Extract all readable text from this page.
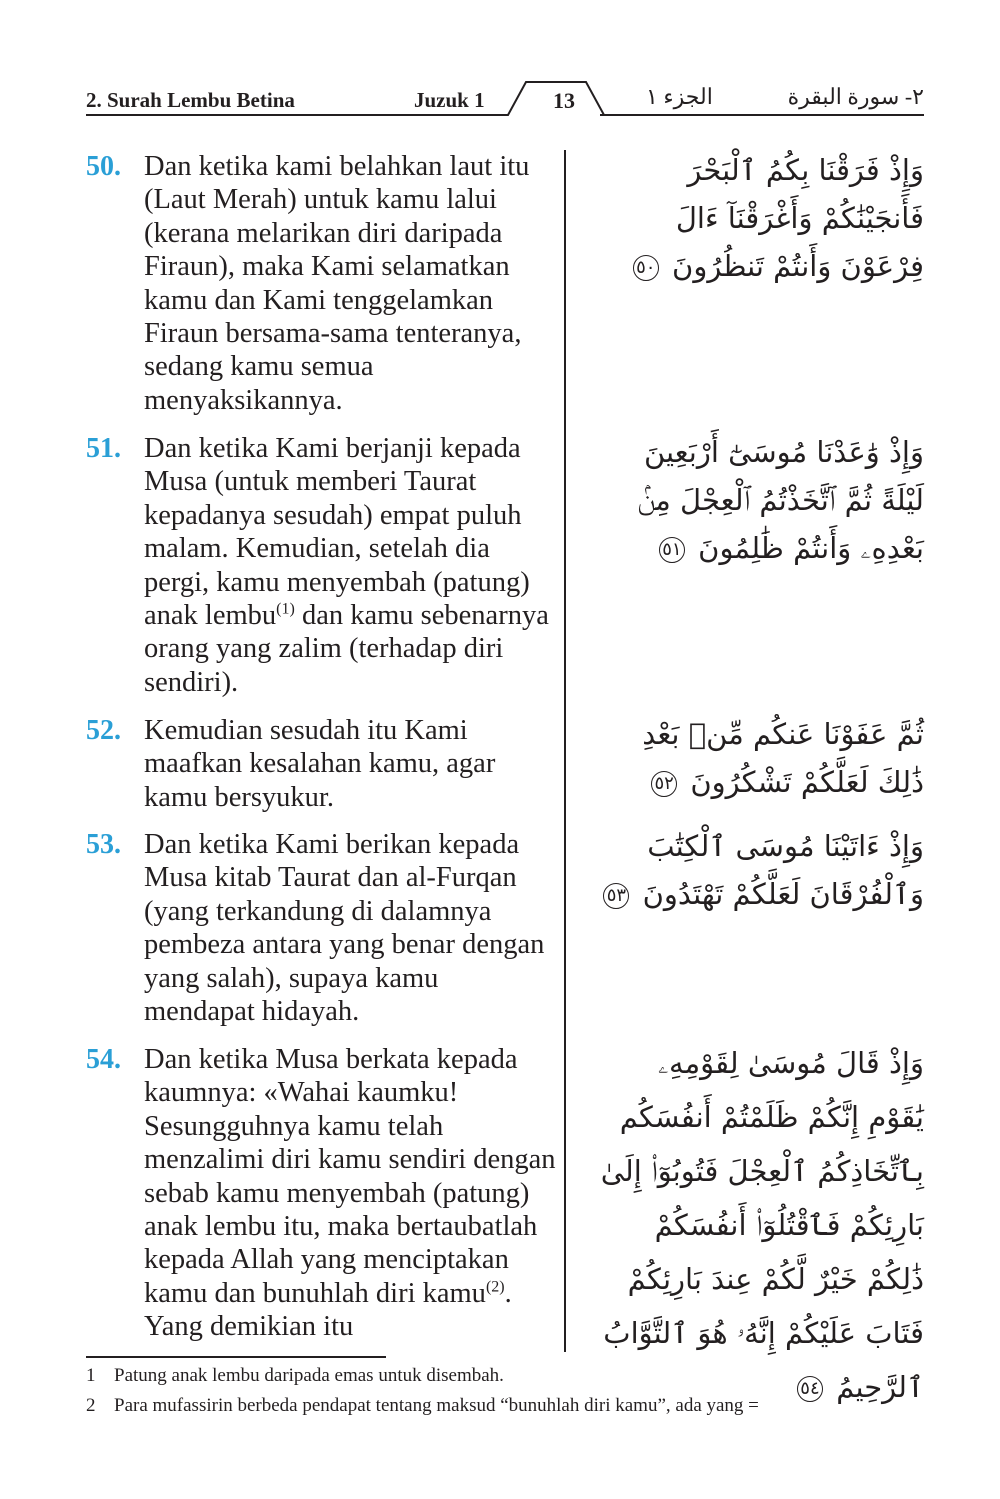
2. Surah Lembu Betina	Juzuk 1	13	الجزء ١	٢- سورة البقرة
50. Dan ketika kami belahkan laut itu (Laut Merah) untuk kamu lalui (kerana melarikan diri daripada Firaun), maka Kami selamatkan kamu dan Kami tenggelamkan Firaun bersama-sama tenteranya, sedang kamu semua menyaksikannya.
51. Dan ketika Kami berjanji kepada Musa (untuk memberi Taurat kepadanya sesudah) empat puluh malam. Kemudian, setelah dia pergi, kamu menyembah (patung) anak lembu$^{(1)}$ dan kamu sebenarnya orang yang zalim (terhadap diri sendiri).
52. Kemudian sesudah itu Kami maafkan kesalahan kamu, agar kamu bersyukur.
53. Dan ketika Kami berikan kepada Musa kitab Taurat dan al-Furqan (yang terkandung di dalamnya pembeza antara yang benar dengan yang salah), supaya kamu mendapat hidayah.
54. Dan ketika Musa berkata kepada kaumnya: «Wahai kaumku! Sesungguhnya kamu telah menzalimi diri kamu sendiri dengan sebab kamu menyembah (patung) anak lembu itu, maka bertaubatlah kepada Allah yang menciptakan kamu dan bunuhlah diri kamu$^{(2)}$. Yang demikian itu
وَإِذْ فَرَقْنَا بِكُمُ ٱلْبَحْرَ فَأَنجَيْنَٰكُمْ وَأَغْرَقْنَآ ءَالَ فِرْعَوْنَ وَأَنتُمْ تَنظُرُونَ ٥٠
وَإِذْ وَٰعَدْنَا مُوسَىٰٓ أَرْبَعِينَ لَيْلَةً ثُمَّ ٱتَّخَذْتُمُ ٱلْعِجْلَ مِنۢ بَعْدِهِۦ وَأَنتُمْ ظَٰلِمُونَ ٥١
ثُمَّ عَفَوْنَا عَنكُم مِّنۢ بَعْدِ ذَٰلِكَ لَعَلَّكُمْ تَشْكُرُونَ ٥٢
وَإِذْ ءَاتَيْنَا مُوسَى ٱلْكِتَٰبَ وَٱلْفُرْقَانَ لَعَلَّكُمْ تَهْتَدُونَ ٥٣
وَإِذْ قَالَ مُوسَىٰ لِقَوْمِهِۦ يَٰقَوْمِ إِنَّكُمْ ظَلَمْتُمْ أَنفُسَكُم بِٱتِّخَاذِكُمُ ٱلْعِجْلَ فَتُوبُوٓا۟ إِلَىٰ بَارِئِكُمْ فَٱقْتُلُوٓا۟ أَنفُسَكُمْ ذَٰلِكُمْ خَيْرٌ لَّكُمْ عِندَ بَارِئِكُمْ فَتَابَ عَلَيْكُمْ إِنَّهُۥ هُوَ ٱلتَّوَّابُ ٱلرَّحِيمُ ٥٤
1 Patung anak lembu daripada emas untuk disembah.
2 Para mufassirin berbeda pendapat tentang maksud “bunuhlah diri kamu”, ada yang =
